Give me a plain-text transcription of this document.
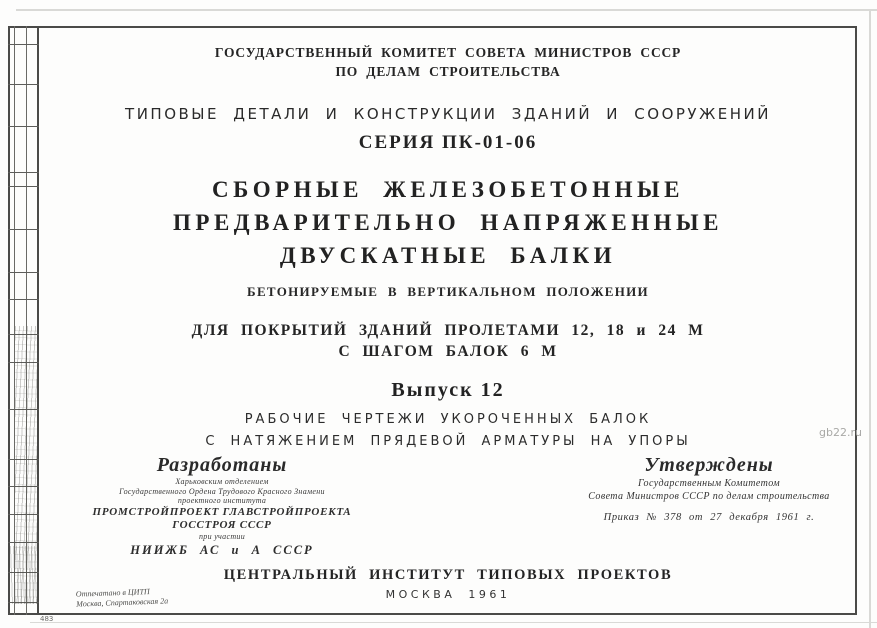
ГОСУДАРСТВЕННЫЙ КОМИТЕТ СОВЕТА МИНИСТРОВ СССР
ПО ДЕЛАМ СТРОИТЕЛЬСТВА
ТИПОВЫЕ ДЕТАЛИ И КОНСТРУКЦИИ ЗДАНИЙ И СООРУЖЕНИЙ
СЕРИЯ ПК-01-06
СБОРНЫЕ ЖЕЛЕЗОБЕТОННЫЕ
ПРЕДВАРИТЕЛЬНО НАПРЯЖЕННЫЕ
ДВУСКАТНЫЕ БАЛКИ
БЕТОНИРУЕМЫЕ В ВЕРТИКАЛЬНОМ ПОЛОЖЕНИИ
ДЛЯ ПОКРЫТИЙ ЗДАНИЙ ПРОЛЕТАМИ 12, 18 и 24 М
С ШАГОМ БАЛОК 6 М
Выпуск 12
РАБОЧИЕ ЧЕРТЕЖИ УКОРОЧЕННЫХ БАЛОК
С НАТЯЖЕНИЕМ ПРЯДЕВОЙ АРМАТУРЫ НА УПОРЫ
Разработаны
Харьковским отделением
Государственного Ордена Трудового Красного Знамени
проектного института
ПРОМСТРОЙПРОЕКТ ГЛАВСТРОЙПРОЕКТА
ГОССТРОЯ СССР
при участии
НИИЖБ АС и А СССР
Утверждены
Государственным Комитетом
Совета Министров СССР по делам строительства
Приказ № 378 от 27 декабря 1961 г.
ЦЕНТРАЛЬНЫЙ ИНСТИТУТ ТИПОВЫХ ПРОЕКТОВ
МОСКВА 1961
Отпечатано в ЦИТП
Москва, Спартаковская 2а
483
gb22.ru
